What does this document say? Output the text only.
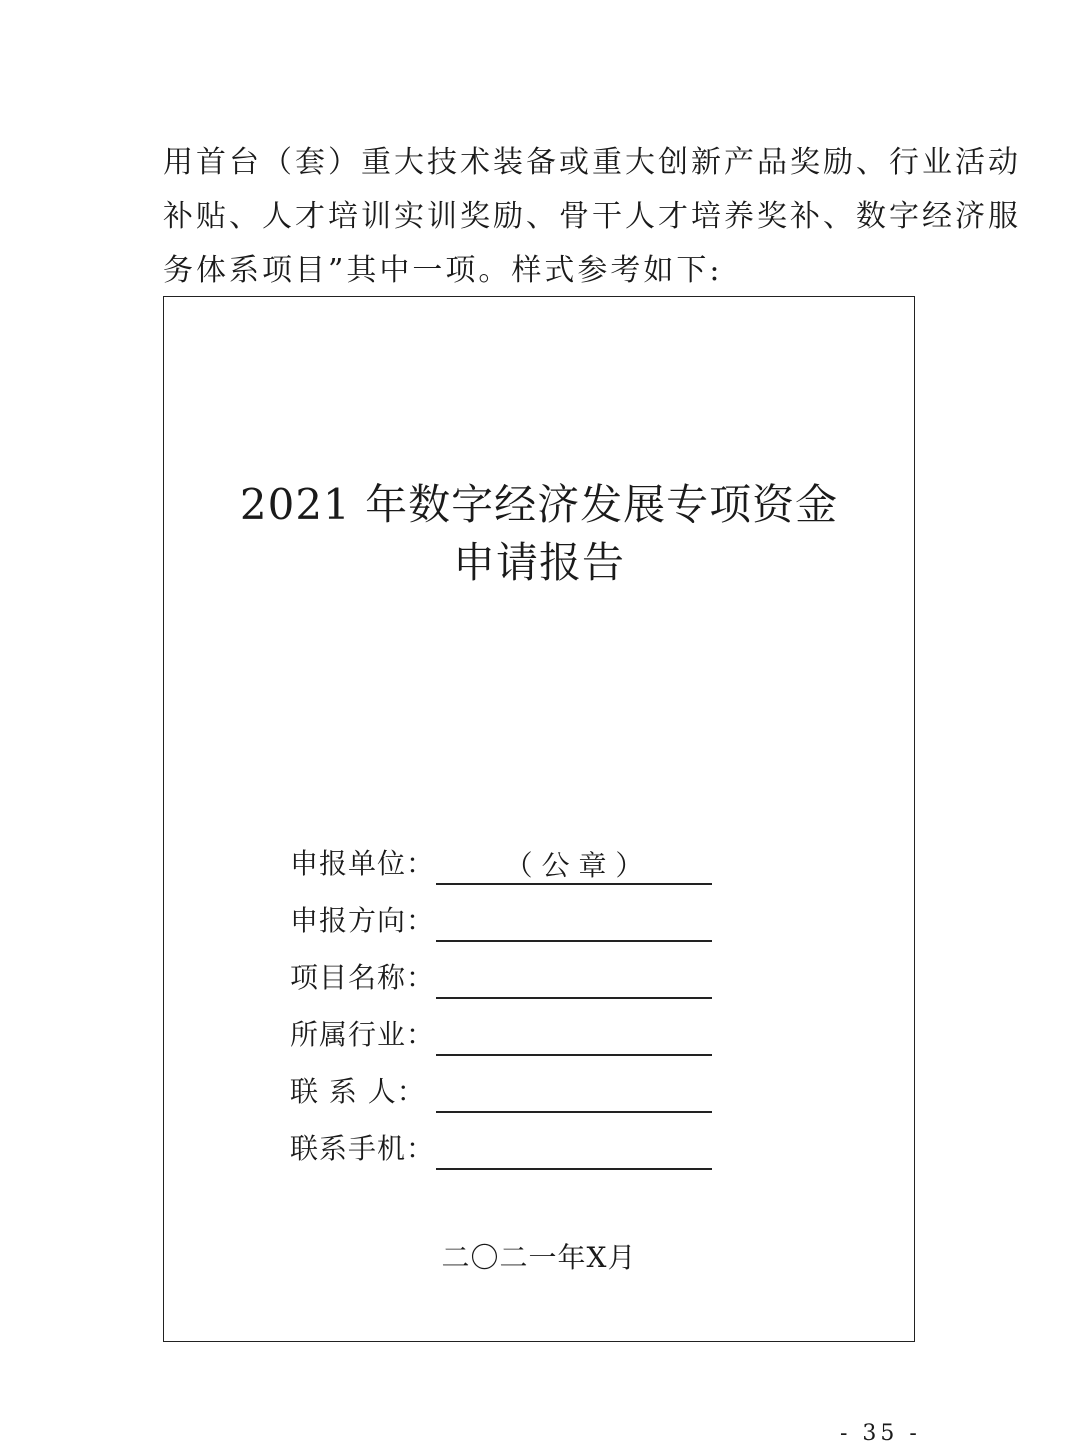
用首台（套）重大技术装备或重大创新产品奖励、行业活动
补贴、人才培训实训奖励、骨干人才培养奖补、数字经济服
务体系项目”其中一项。样式参考如下:
2021 年数字经济发展专项资金
申请报告
申报单位：	（ 公 章 ）
申报方向：
项目名称：
所属行业：
联 系 人：
联系手机：
二〇二一年X月
- 35 -
